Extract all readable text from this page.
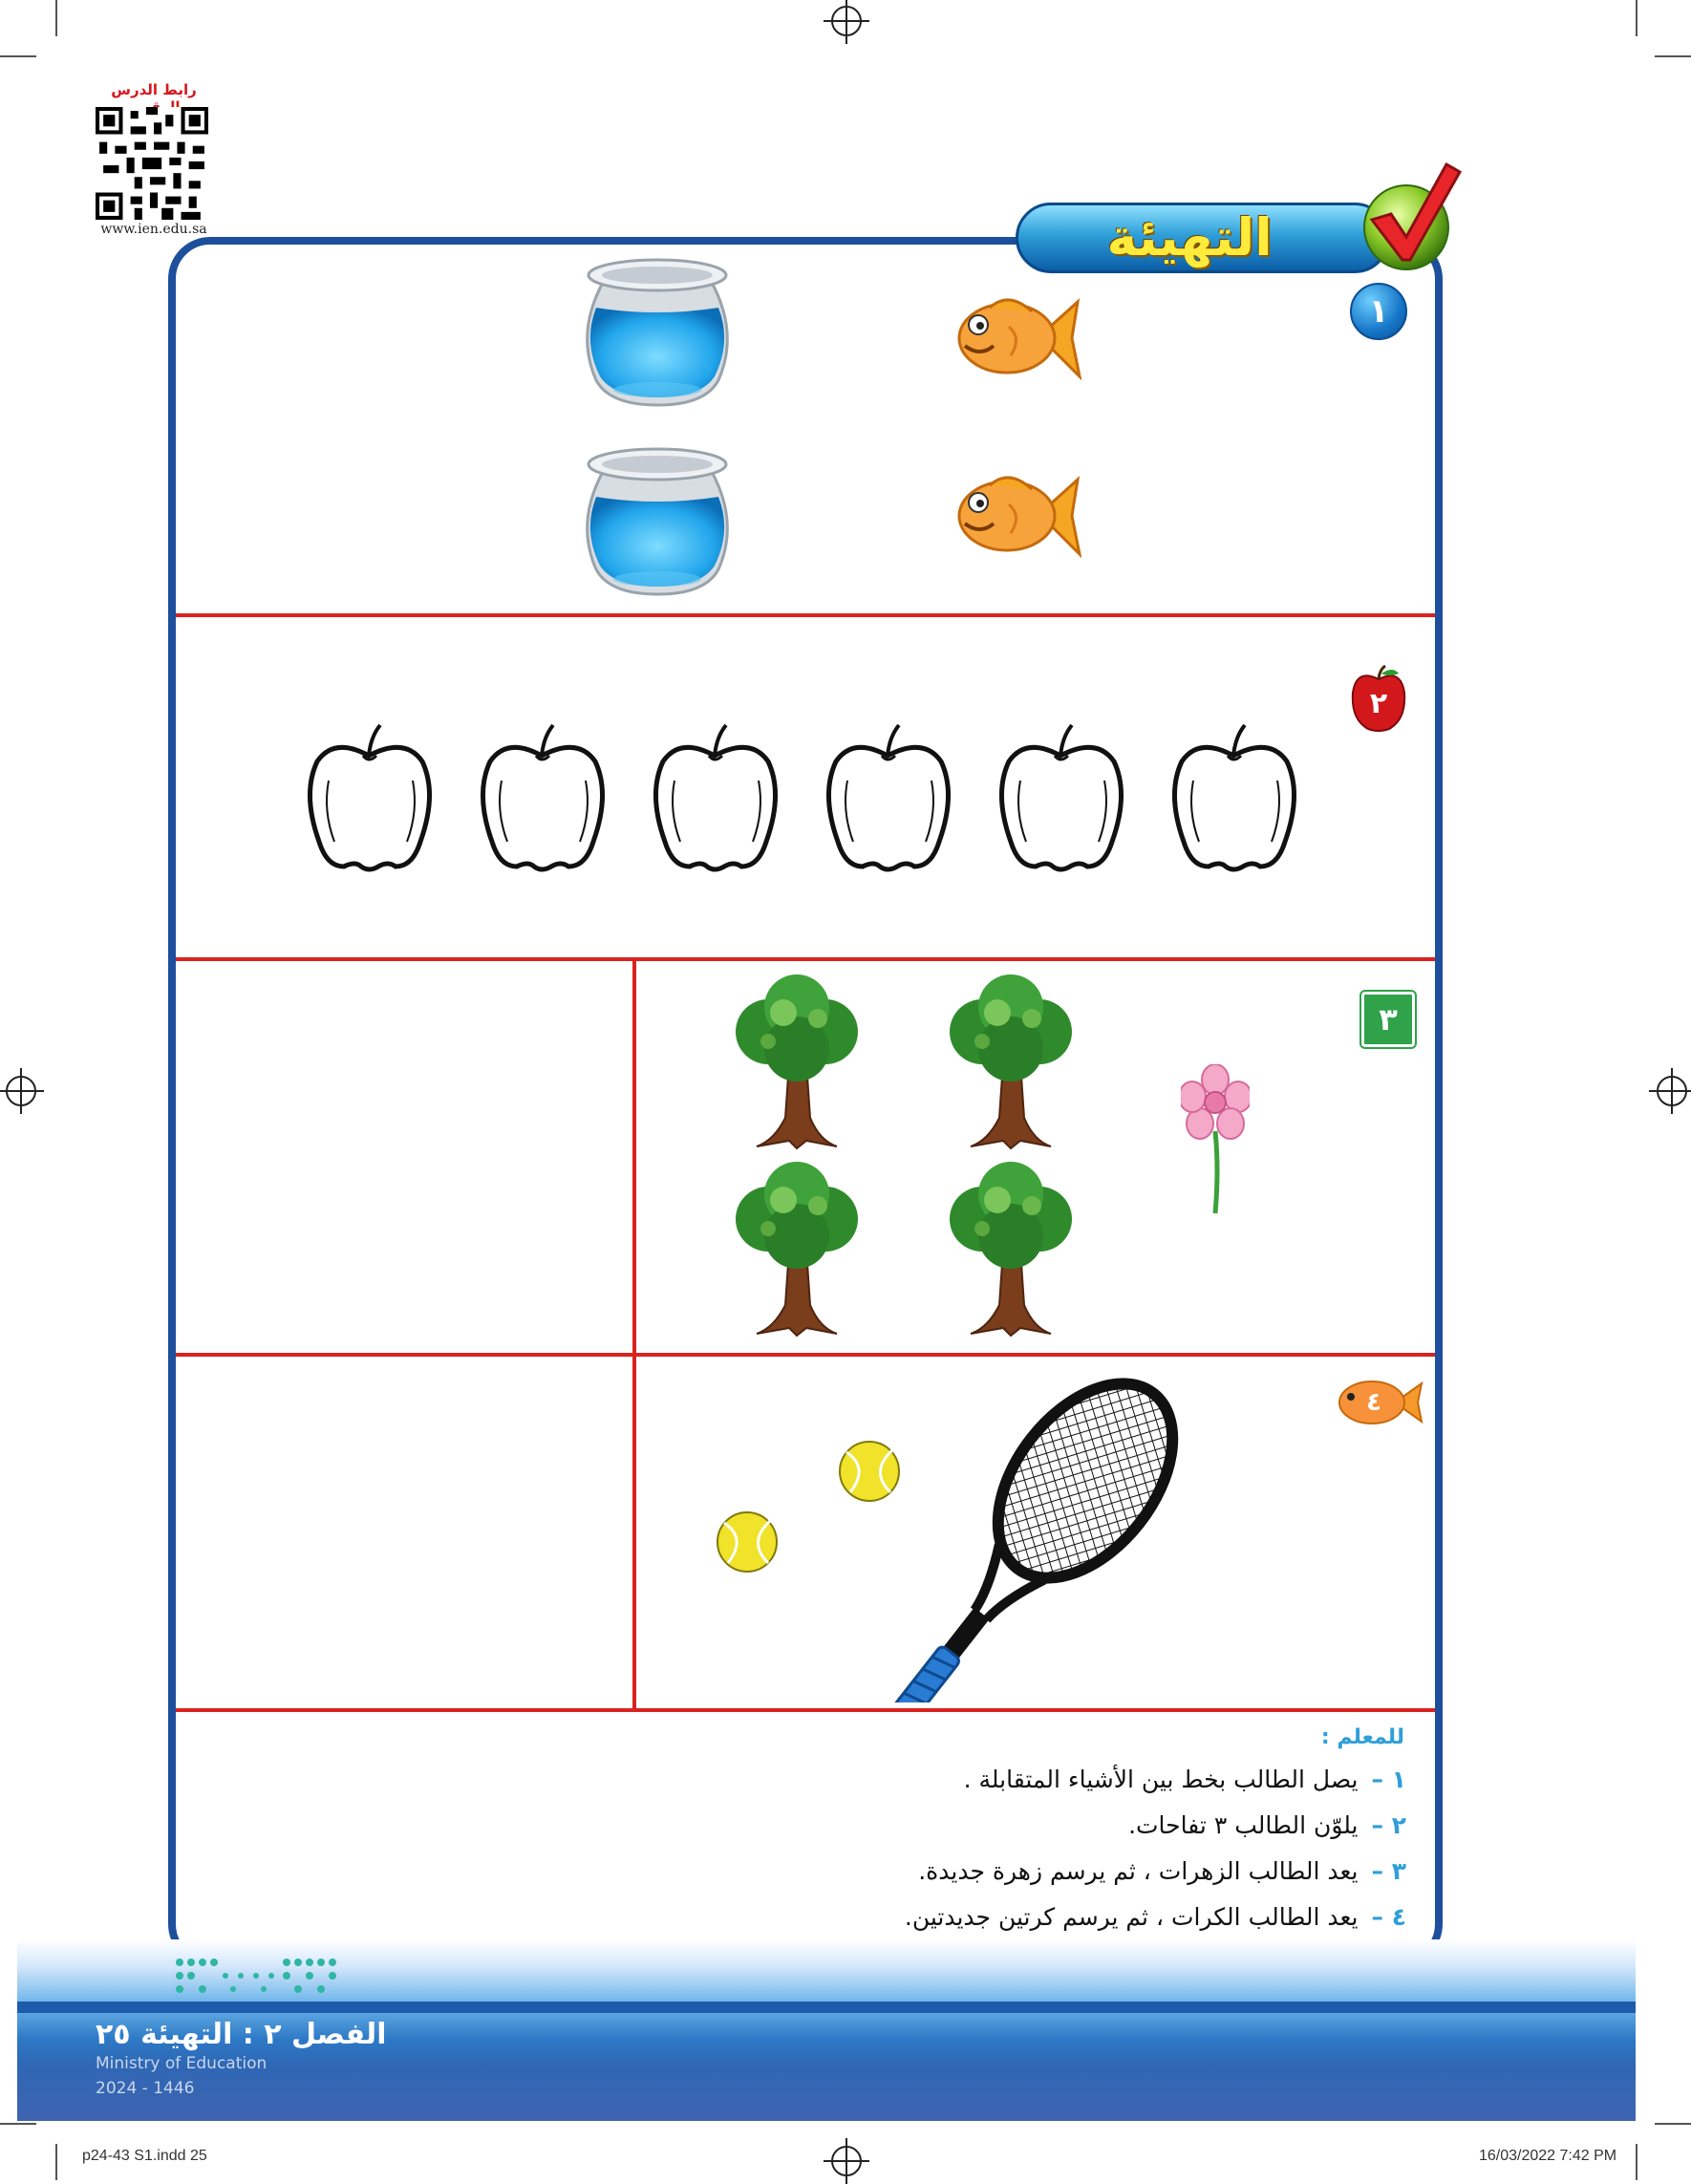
رابط الدرس
www.ien.edu.sa	التهيئة
١
٢
٣
٤
للمعلم :
١ –يصل الطالب بخط بين الأشياء المتقابلة .
٢ –يلوّن الطالب ٣ تفاحات.
٣ –يعد الطالب الزهرات ، ثم يرسم زهرة جديدة.
٤ –يعد الطالب الكرات ، ثم يرسم كرتين جديدتين.
الفصل ٢ : التهيئة ٢٥
Ministry of Education
2024 - 1446
p24-43 S1.indd 25	16/03/2022 7:42 PM
